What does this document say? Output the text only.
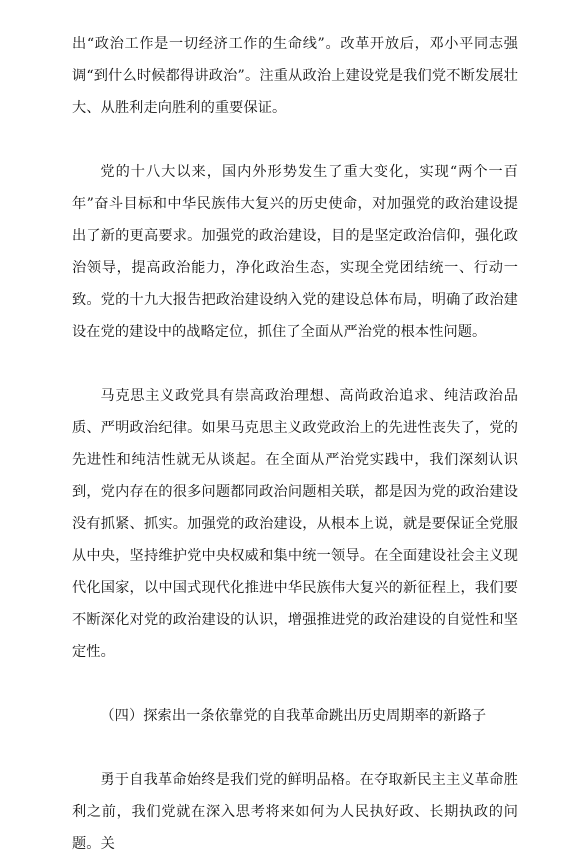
出“政治工作是一切经济工作的生命线”。改革开放后，邓小平同志强调“到什么时候都得讲政治”。注重从政治上建设党是我们党不断发展壮大、从胜利走向胜利的重要保证。

党的十八大以来，国内外形势发生了重大变化，实现“两个一百年”奋斗目标和中华民族伟大复兴的历史使命，对加强党的政治建设提出了新的更高要求。加强党的政治建设，目的是坚定政治信仰，强化政治领导，提高政治能力，净化政治生态，实现全党团结统一、行动一致。党的十九大报告把政治建设纳入党的建设总体布局，明确了政治建设在党的建设中的战略定位，抓住了全面从严治党的根本性问题。

马克思主义政党具有崇高政治理想、高尚政治追求、纯洁政治品质、严明政治纪律。如果马克思主义政党政治上的先进性丧失了，党的先进性和纯洁性就无从谈起。在全面从严治党实践中，我们深刻认识到，党内存在的很多问题都同政治问题相关联，都是因为党的政治建设没有抓紧、抓实。加强党的政治建设，从根本上说，就是要保证全党服从中央，坚持维护党中央权威和集中统一领导。在全面建设社会主义现代化国家，以中国式现代化推进中华民族伟大复兴的新征程上，我们要不断深化对党的政治建设的认识，增强推进党的政治建设的自觉性和坚定性。

（四）探索出一条依靠党的自我革命跳出历史周期率的新路子

勇于自我革命始终是我们党的鲜明品格。在夺取新民主主义革命胜利之前，我们党就在深入思考将来如何为人民执好政、长期执政的问题。关
